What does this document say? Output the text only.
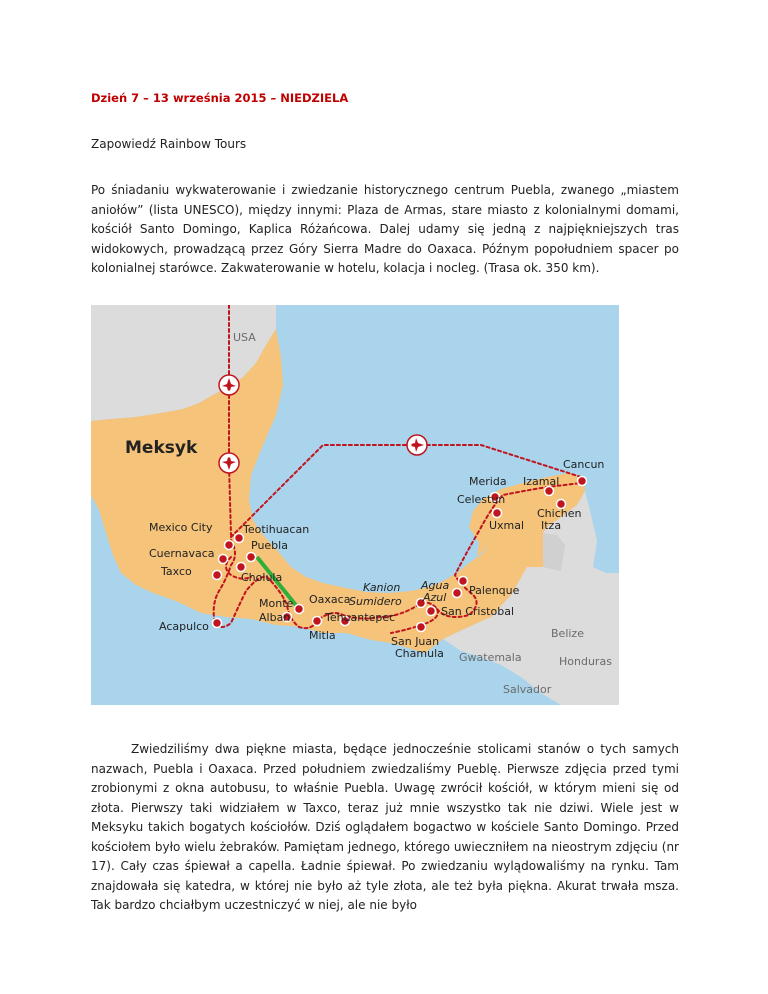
Dzień 7 – 13 września 2015 – NIEDZIELA
Zapowiedź Rainbow Tours

Po śniadaniu wykwaterowanie i zwiedzanie historycznego centrum Puebla, zwanego „miastem aniołów” (lista UNESCO), między innymi: Plaza de Armas, stare miasto z kolonialnymi domami, kościół Santo Domingo, Kaplica Różańcowa. Dalej udamy się jedną z najpiękniejszych tras widokowych, prowadzącą przez Góry Sierra Madre do Oaxaca. Późnym popołudniem spacer po kolonialnej starówce. Zakwaterowanie w hotelu, kolacja i nocleg. (Trasa ok. 350 km).

USA
Meksyk
Belize
Gwatemala	Honduras
Salvador
Cancun
Merida Izamal
Celestun
Chichen
Itza
Uxmal
Mexico City	Teotihuacan
Puebla
Cuernavaca
Taxco	Cholula
Oaxaca
Monte
Alban
Acapulco
Mitla
Kanion
Sumidero
Agua
Azul
Palenque
San Cristobal
Tehuantepec
San Juan
Chamula

Zwiedziliśmy dwa piękne miasta, będące jednocześnie stolicami stanów o tych samych nazwach, Puebla i Oaxaca. Przed południem zwiedzaliśmy Pueblę. Pierwsze zdjęcia przed tymi zrobionymi z okna autobusu, to właśnie Puebla. Uwagę zwrócił kościół, w którym mieni się od złota. Pierwszy taki widziałem w Taxco, teraz już mnie wszystko tak nie dziwi. Wiele jest w Meksyku takich bogatych kościołów. Dziś oglądałem bogactwo w kościele Santo Domingo. Przed kościołem było wielu żebraków. Pamiętam jednego, którego uwieczniłem na nieostrym zdjęciu (nr 17). Cały czas śpiewał a capella. Ładnie śpiewał. Po zwiedzaniu wylądowaliśmy na rynku. Tam znajdowała się katedra, w której nie było aż tyle złota, ale też była piękna. Akurat trwała msza. Tak bardzo chciałbym uczestniczyć w niej, ale nie było
